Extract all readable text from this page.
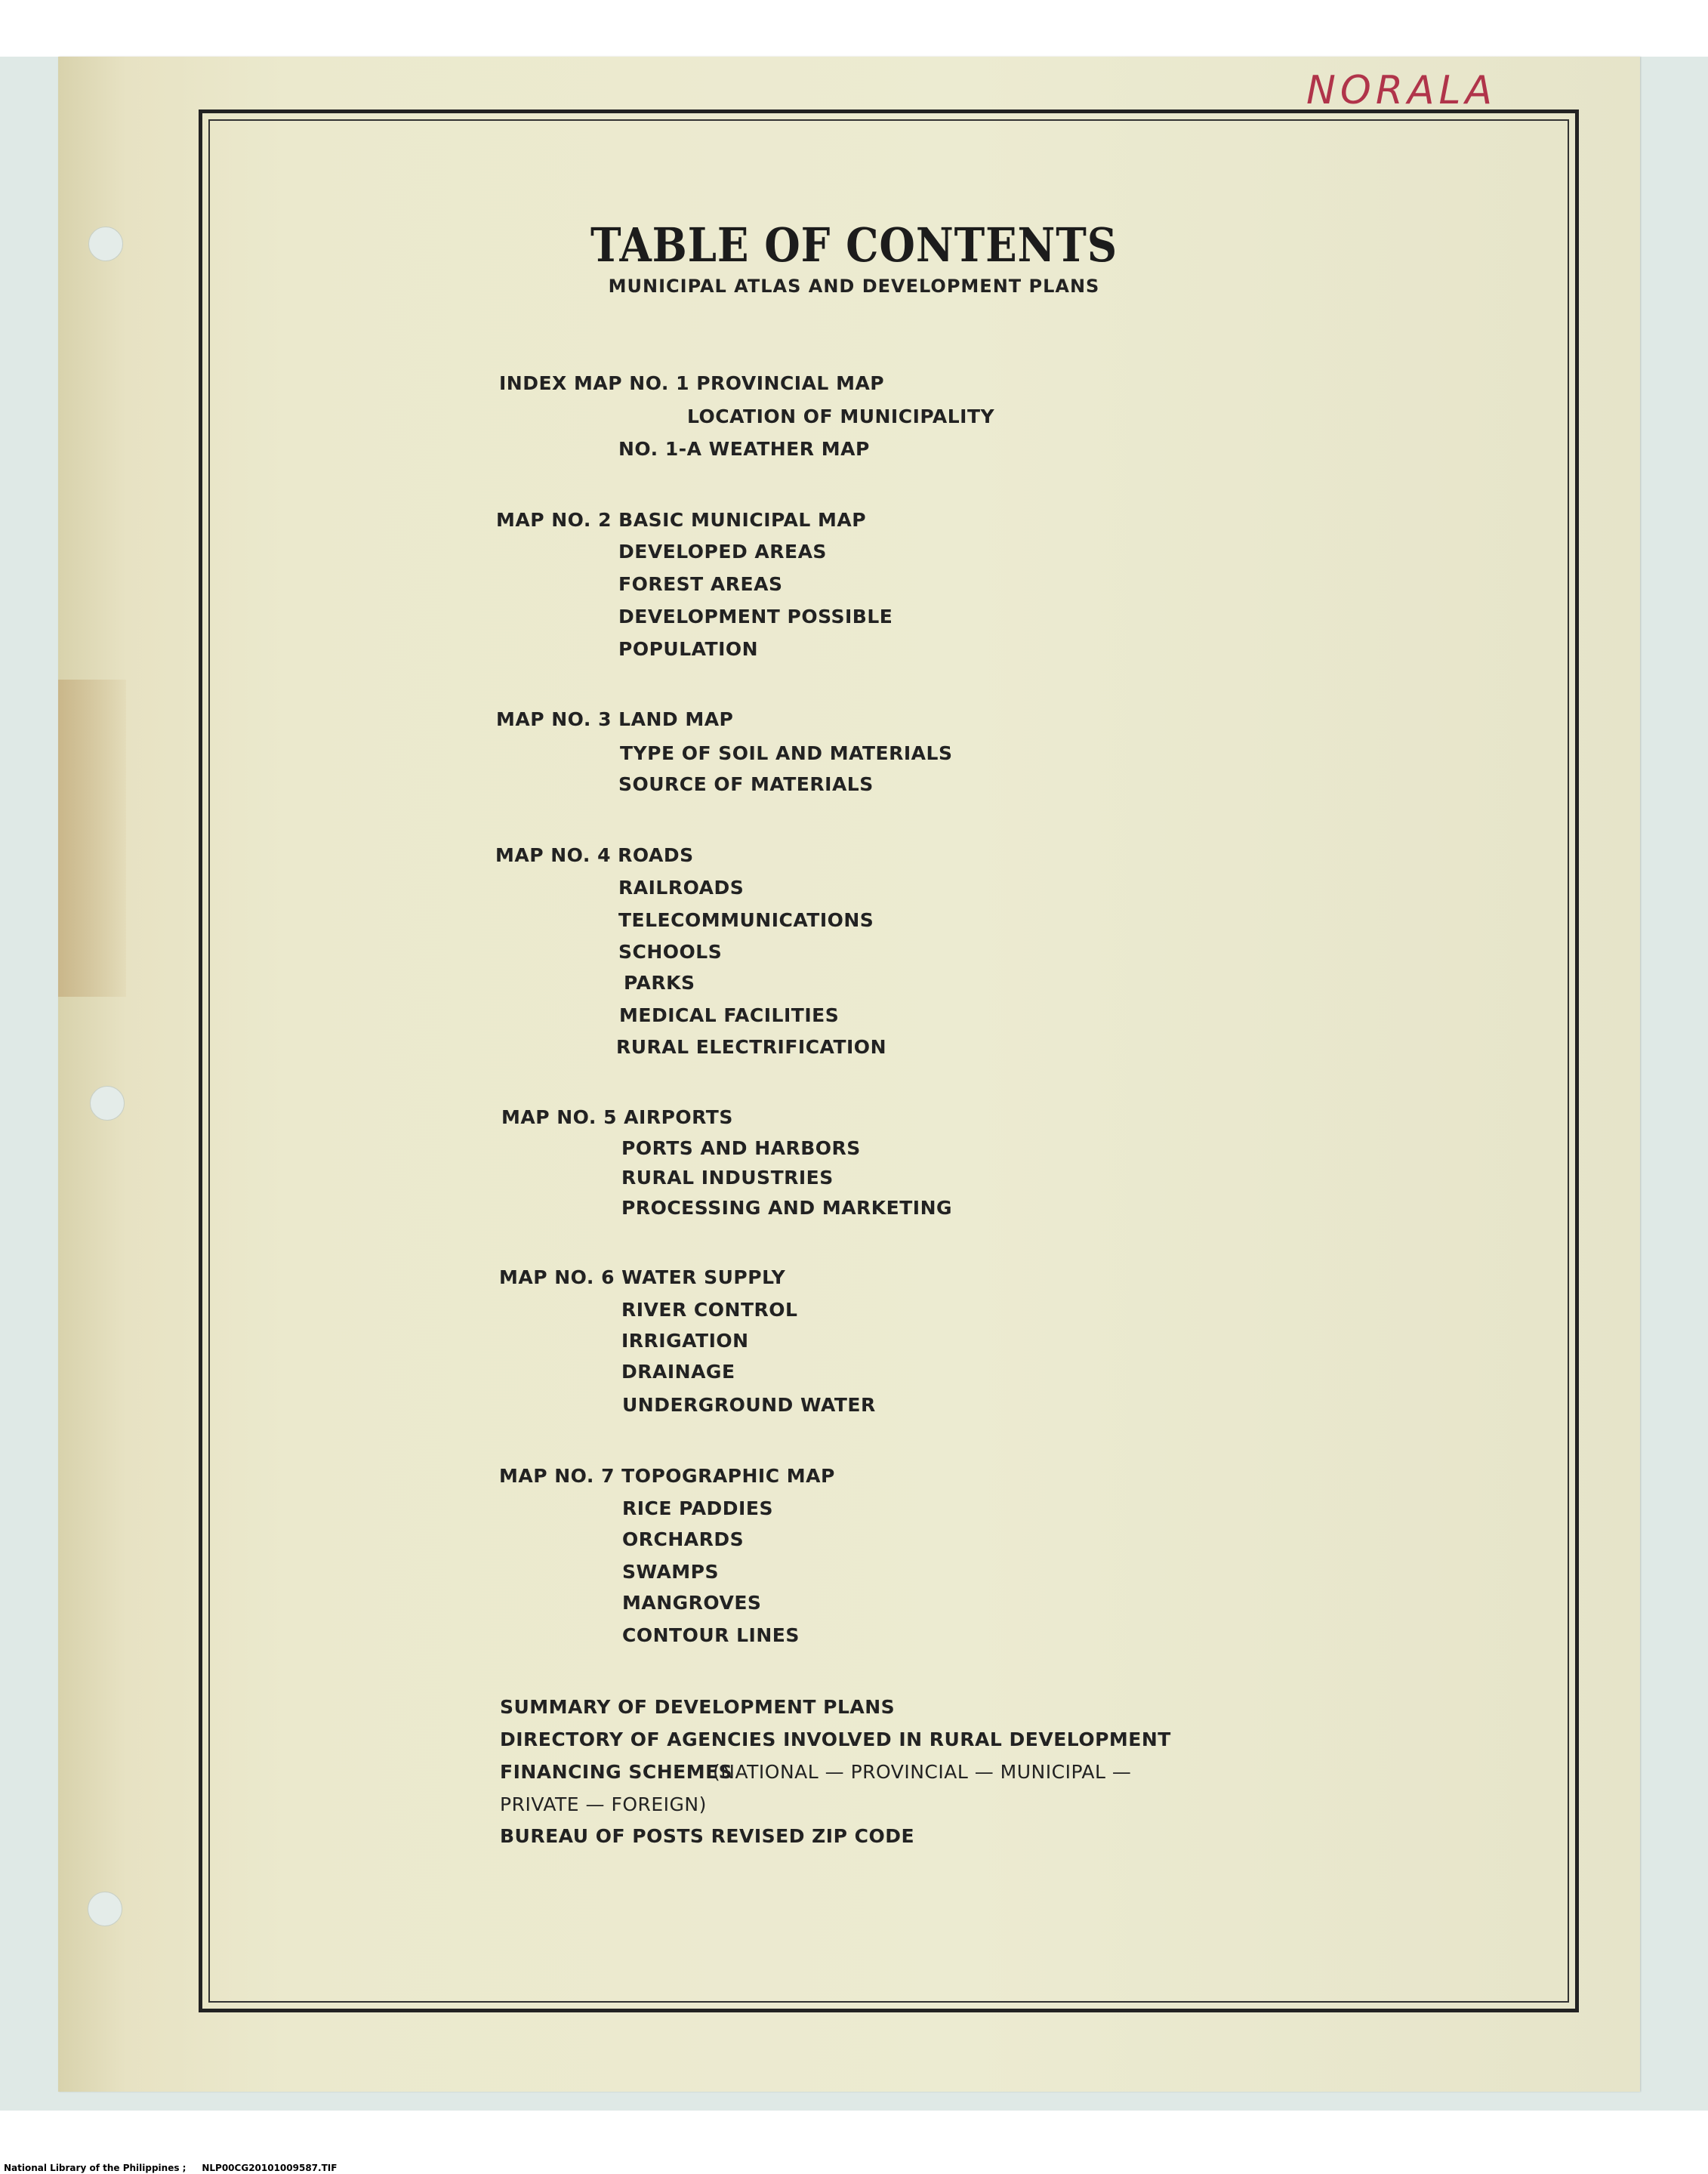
NORALA
TABLE OF CONTENTS
MUNICIPAL ATLAS AND DEVELOPMENT PLANS
INDEX MAP NO. 1 PROVINCIAL MAP
LOCATION OF MUNICIPALITY
NO. 1-A WEATHER MAP
MAP NO. 2 BASIC MUNICIPAL MAP
DEVELOPED AREAS
FOREST AREAS
DEVELOPMENT POSSIBLE
POPULATION
MAP NO. 3 LAND MAP
TYPE OF SOIL AND MATERIALS
SOURCE OF MATERIALS
MAP NO. 4 ROADS
RAILROADS
TELECOMMUNICATIONS
SCHOOLS
PARKS
MEDICAL FACILITIES
RURAL ELECTRIFICATION
MAP NO. 5 AIRPORTS
PORTS AND HARBORS
RURAL INDUSTRIES
PROCESSING AND MARKETING
MAP NO. 6 WATER SUPPLY
RIVER CONTROL
IRRIGATION
DRAINAGE
UNDERGROUND WATER
MAP NO. 7 TOPOGRAPHIC MAP
RICE PADDIES
ORCHARDS
SWAMPS
MANGROVES
CONTOUR LINES
SUMMARY OF DEVELOPMENT PLANS
DIRECTORY OF AGENCIES INVOLVED IN RURAL DEVELOPMENT
FINANCING SCHEMES
(NATIONAL — PROVINCIAL — MUNICIPAL —
PRIVATE — FOREIGN)
BUREAU OF POSTS REVISED ZIP CODE
National Library of the Philippines ;     NLP00CG20101009587.TIF
